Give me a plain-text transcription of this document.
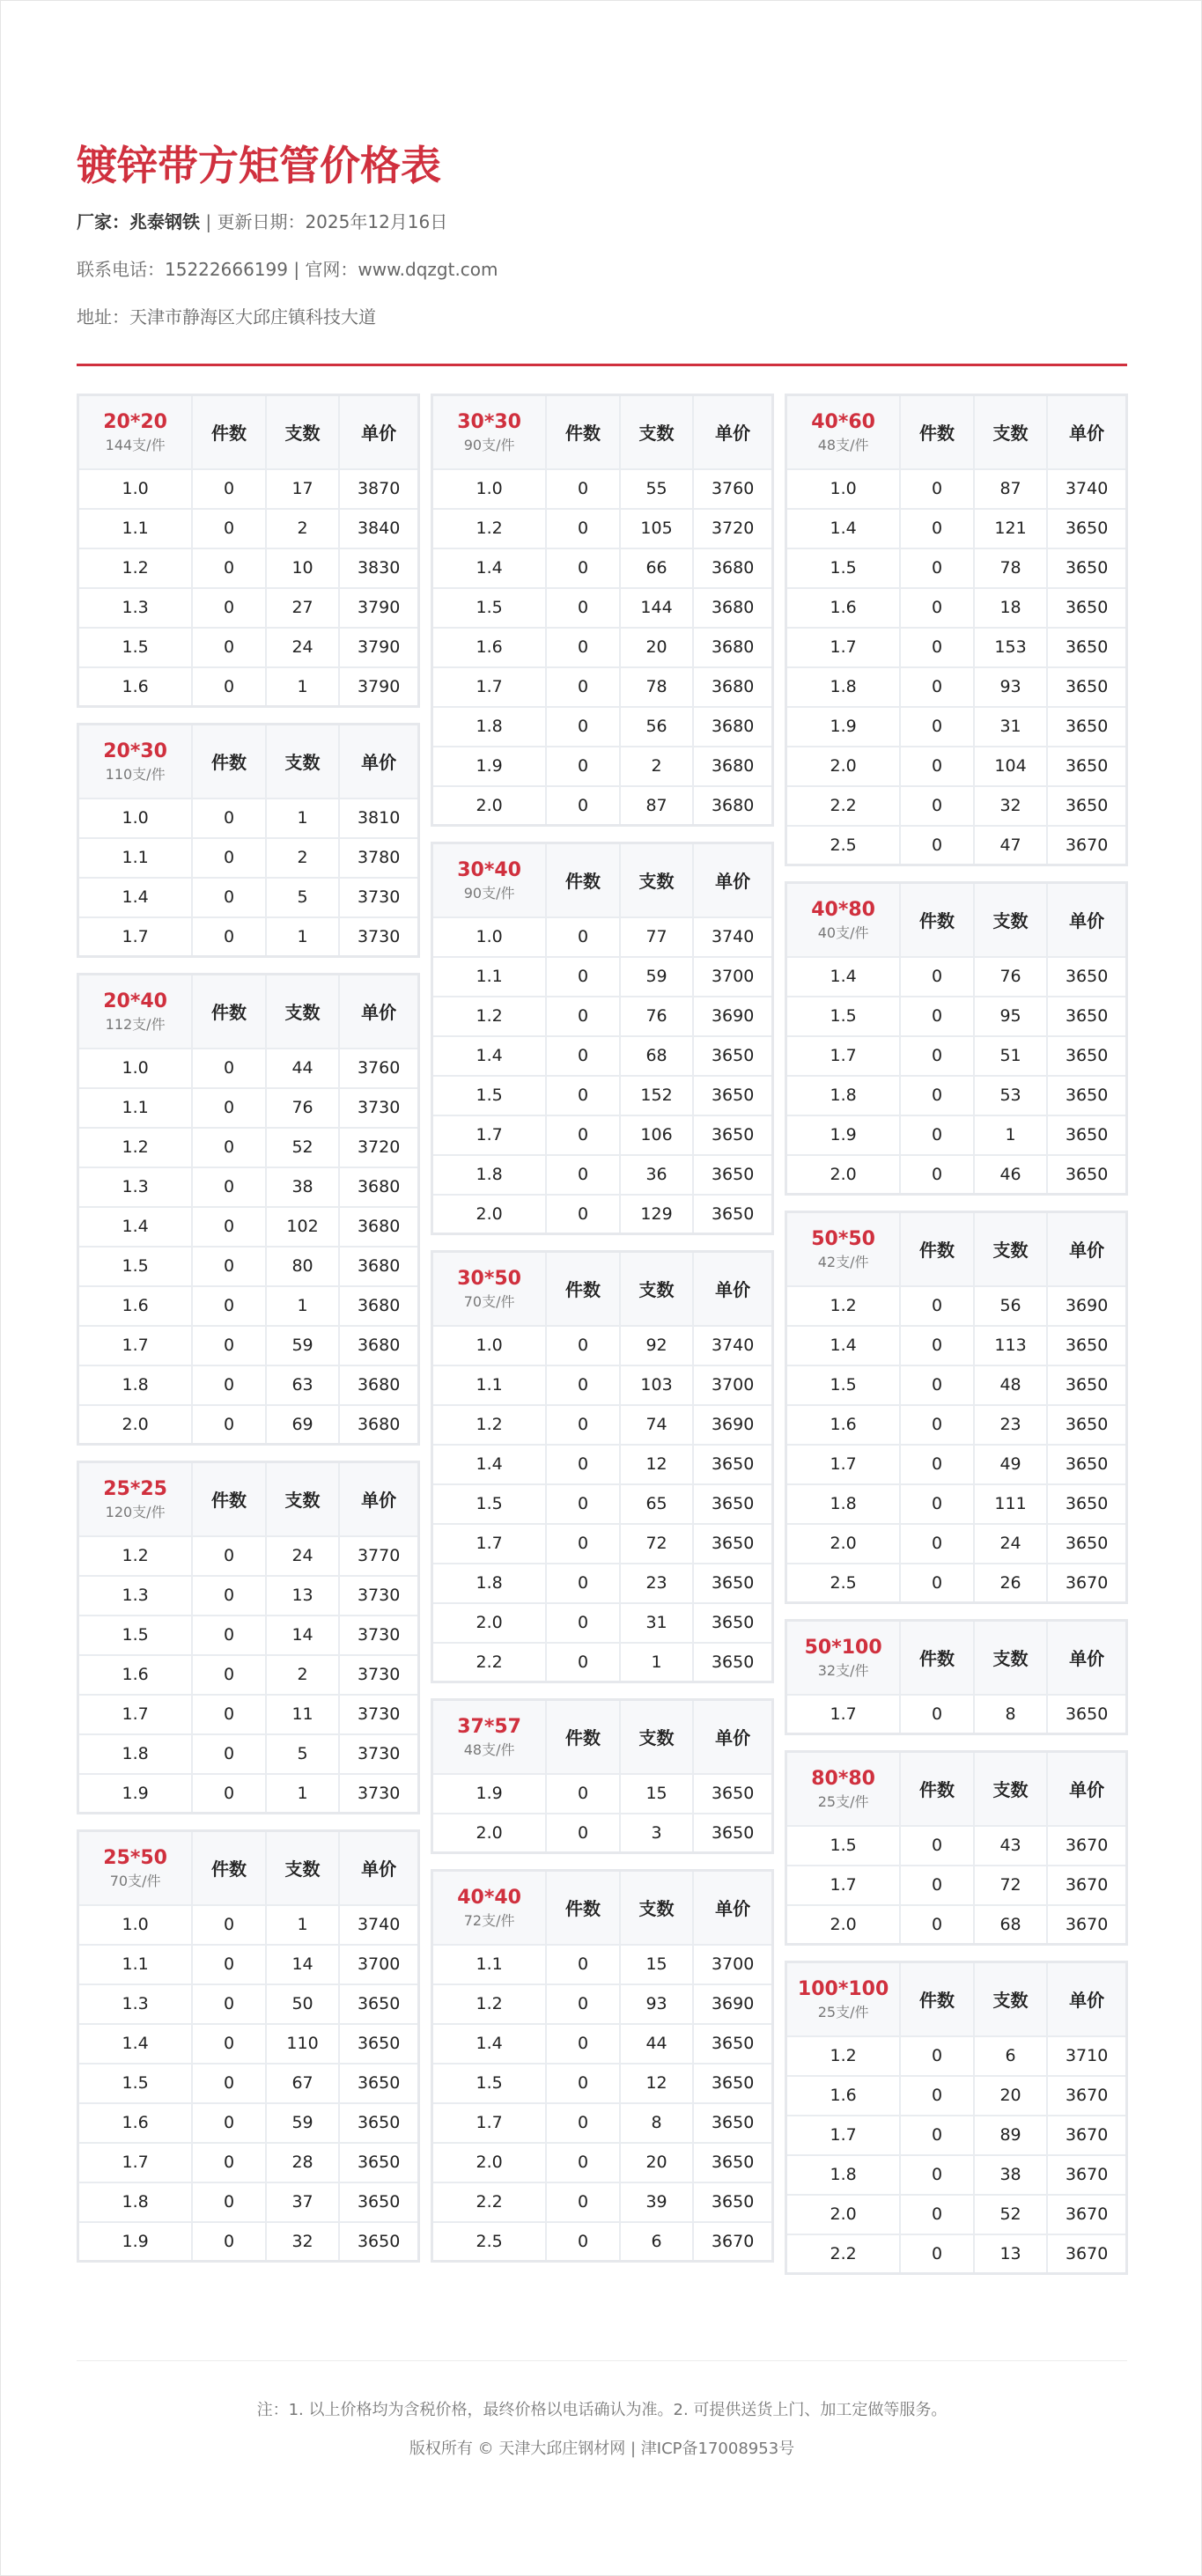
镀锌带方矩管价格表
厂家：兆泰钢铁 | 更新日期：2025年12月16日
联系电话：15222666199 | 官网：www.dqzgt.com
地址：天津市静海区大邱庄镇科技大道
20*20
144支/件	件数	支数	单价
1.0	0	17	3870
1.1	0	2	3840
1.2	0	10	3830
1.3	0	27	3790
1.5	0	24	3790
1.6	0	1	3790
20*30
110支/件	件数	支数	单价
1.0	0	1	3810
1.1	0	2	3780
1.4	0	5	3730
1.7	0	1	3730
20*40
112支/件	件数	支数	单价
1.0	0	44	3760
1.1	0	76	3730
1.2	0	52	3720
1.3	0	38	3680
1.4	0	102	3680
1.5	0	80	3680
1.6	0	1	3680
1.7	0	59	3680
1.8	0	63	3680
2.0	0	69	3680
25*25
120支/件	件数	支数	单价
1.2	0	24	3770
1.3	0	13	3730
1.5	0	14	3730
1.6	0	2	3730
1.7	0	11	3730
1.8	0	5	3730
1.9	0	1	3730
25*50
70支/件	件数	支数	单价
1.0	0	1	3740
1.1	0	14	3700
1.3	0	50	3650
1.4	0	110	3650
1.5	0	67	3650
1.6	0	59	3650
1.7	0	28	3650
1.8	0	37	3650
1.9	0	32	3650
30*30
90支/件	件数	支数	单价
1.0	0	55	3760
1.2	0	105	3720
1.4	0	66	3680
1.5	0	144	3680
1.6	0	20	3680
1.7	0	78	3680
1.8	0	56	3680
1.9	0	2	3680
2.0	0	87	3680
30*40
90支/件	件数	支数	单价
1.0	0	77	3740
1.1	0	59	3700
1.2	0	76	3690
1.4	0	68	3650
1.5	0	152	3650
1.7	0	106	3650
1.8	0	36	3650
2.0	0	129	3650
30*50
70支/件	件数	支数	单价
1.0	0	92	3740
1.1	0	103	3700
1.2	0	74	3690
1.4	0	12	3650
1.5	0	65	3650
1.7	0	72	3650
1.8	0	23	3650
2.0	0	31	3650
2.2	0	1	3650
37*57
48支/件	件数	支数	单价
1.9	0	15	3650
2.0	0	3	3650
40*40
72支/件	件数	支数	单价
1.1	0	15	3700
1.2	0	93	3690
1.4	0	44	3650
1.5	0	12	3650
1.7	0	8	3650
2.0	0	20	3650
2.2	0	39	3650
2.5	0	6	3670
40*60
48支/件	件数	支数	单价
1.0	0	87	3740
1.4	0	121	3650
1.5	0	78	3650
1.6	0	18	3650
1.7	0	153	3650
1.8	0	93	3650
1.9	0	31	3650
2.0	0	104	3650
2.2	0	32	3650
2.5	0	47	3670
40*80
40支/件	件数	支数	单价
1.4	0	76	3650
1.5	0	95	3650
1.7	0	51	3650
1.8	0	53	3650
1.9	0	1	3650
2.0	0	46	3650
50*50
42支/件	件数	支数	单价
1.2	0	56	3690
1.4	0	113	3650
1.5	0	48	3650
1.6	0	23	3650
1.7	0	49	3650
1.8	0	111	3650
2.0	0	24	3650
2.5	0	26	3670
50*100
32支/件	件数	支数	单价
1.7	0	8	3650
80*80
25支/件	件数	支数	单价
1.5	0	43	3670
1.7	0	72	3670
2.0	0	68	3670
100*100
25支/件	件数	支数	单价
1.2	0	6	3710
1.6	0	20	3670
1.7	0	89	3670
1.8	0	38	3670
2.0	0	52	3670
2.2	0	13	3670
注：1. 以上价格均为含税价格，最终价格以电话确认为准。2. 可提供送货上门、加工定做等服务。
版权所有 © 天津大邱庄钢材网 | 津ICP备17008953号
